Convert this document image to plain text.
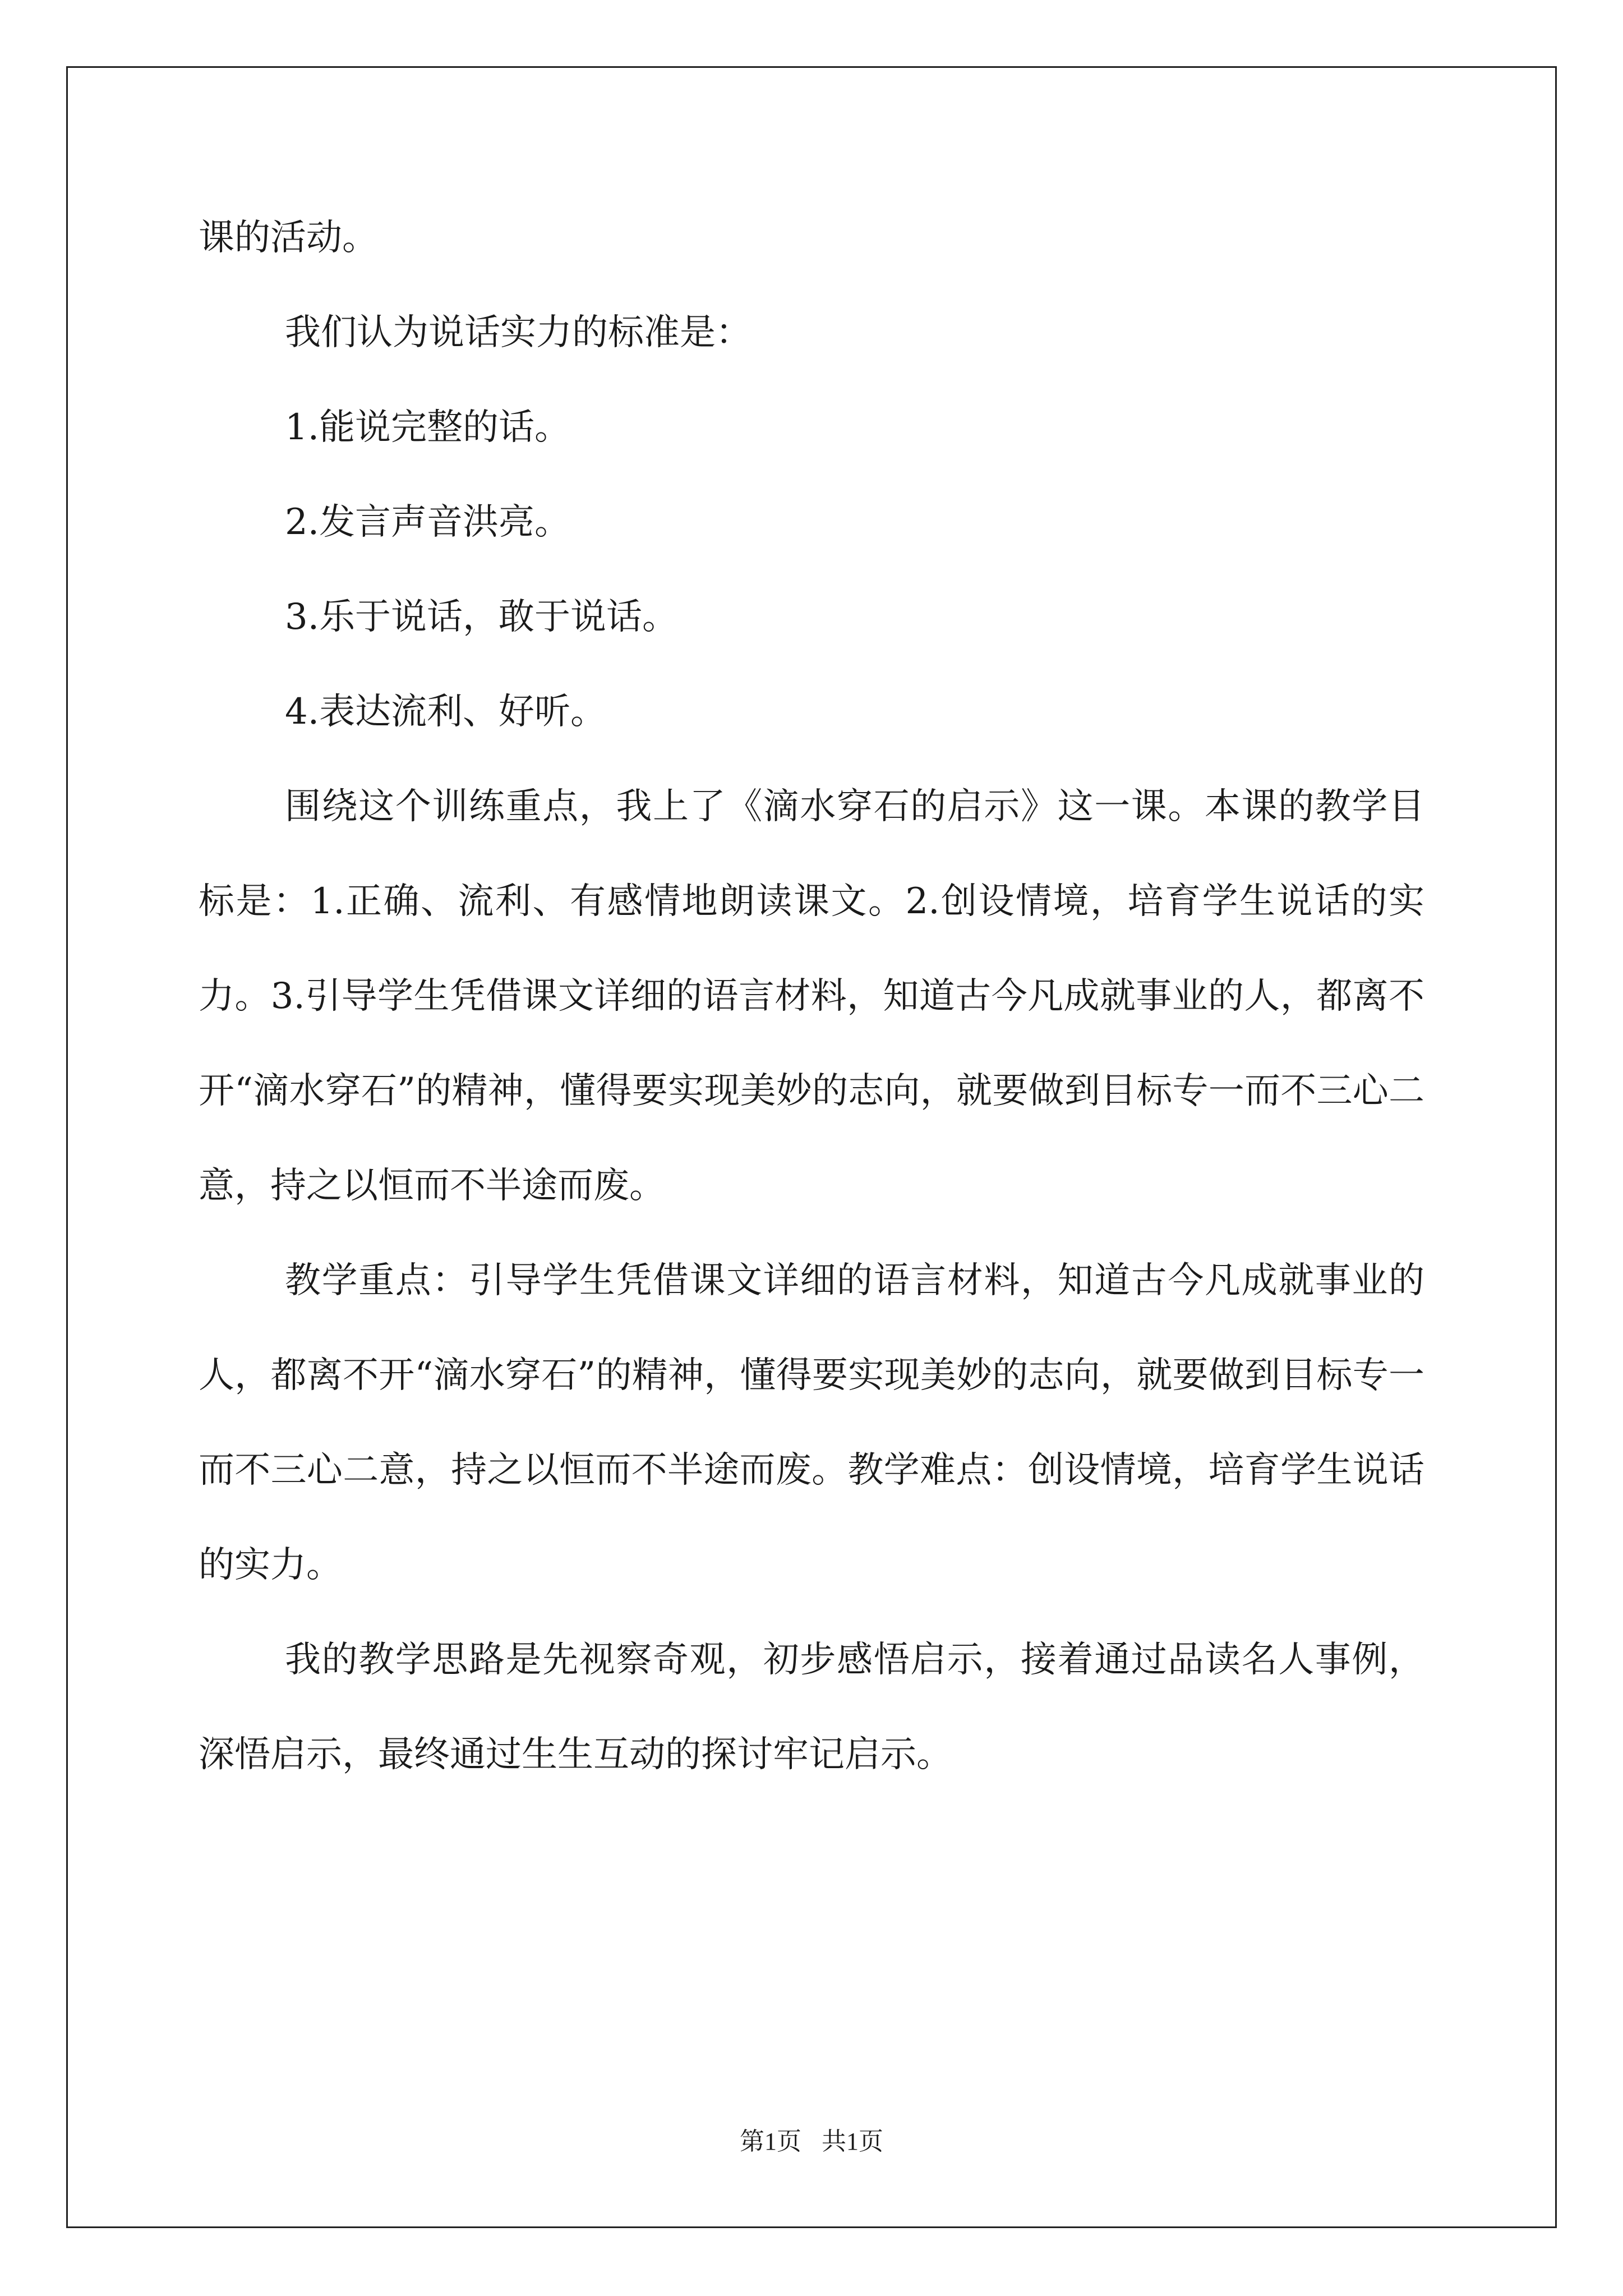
课的活动。

我们认为说话实力的标准是：

1.能说完整的话。

2.发言声音洪亮。

3.乐于说话，敢于说话。

4.表达流利、好听。

围绕这个训练重点，我上了《滴水穿石的启示》这一课。本课的教学目标是：1.正确、流利、有感情地朗读课文。2.创设情境，培育学生说话的实力。3.引导学生凭借课文详细的语言材料，知道古今凡成就事业的人，都离不开“滴水穿石”的精神，懂得要实现美妙的志向，就要做到目标专一而不三心二意，持之以恒而不半途而废。

教学重点：引导学生凭借课文详细的语言材料，知道古今凡成就事业的人，都离不开“滴水穿石”的精神，懂得要实现美妙的志向，就要做到目标专一而不三心二意，持之以恒而不半途而废。教学难点：创设情境，培育学生说话的实力。

我的教学思路是先视察奇观，初步感悟启示，接着通过品读名人事例，深悟启示，最终通过生生互动的探讨牢记启示。

第1页 共1页
